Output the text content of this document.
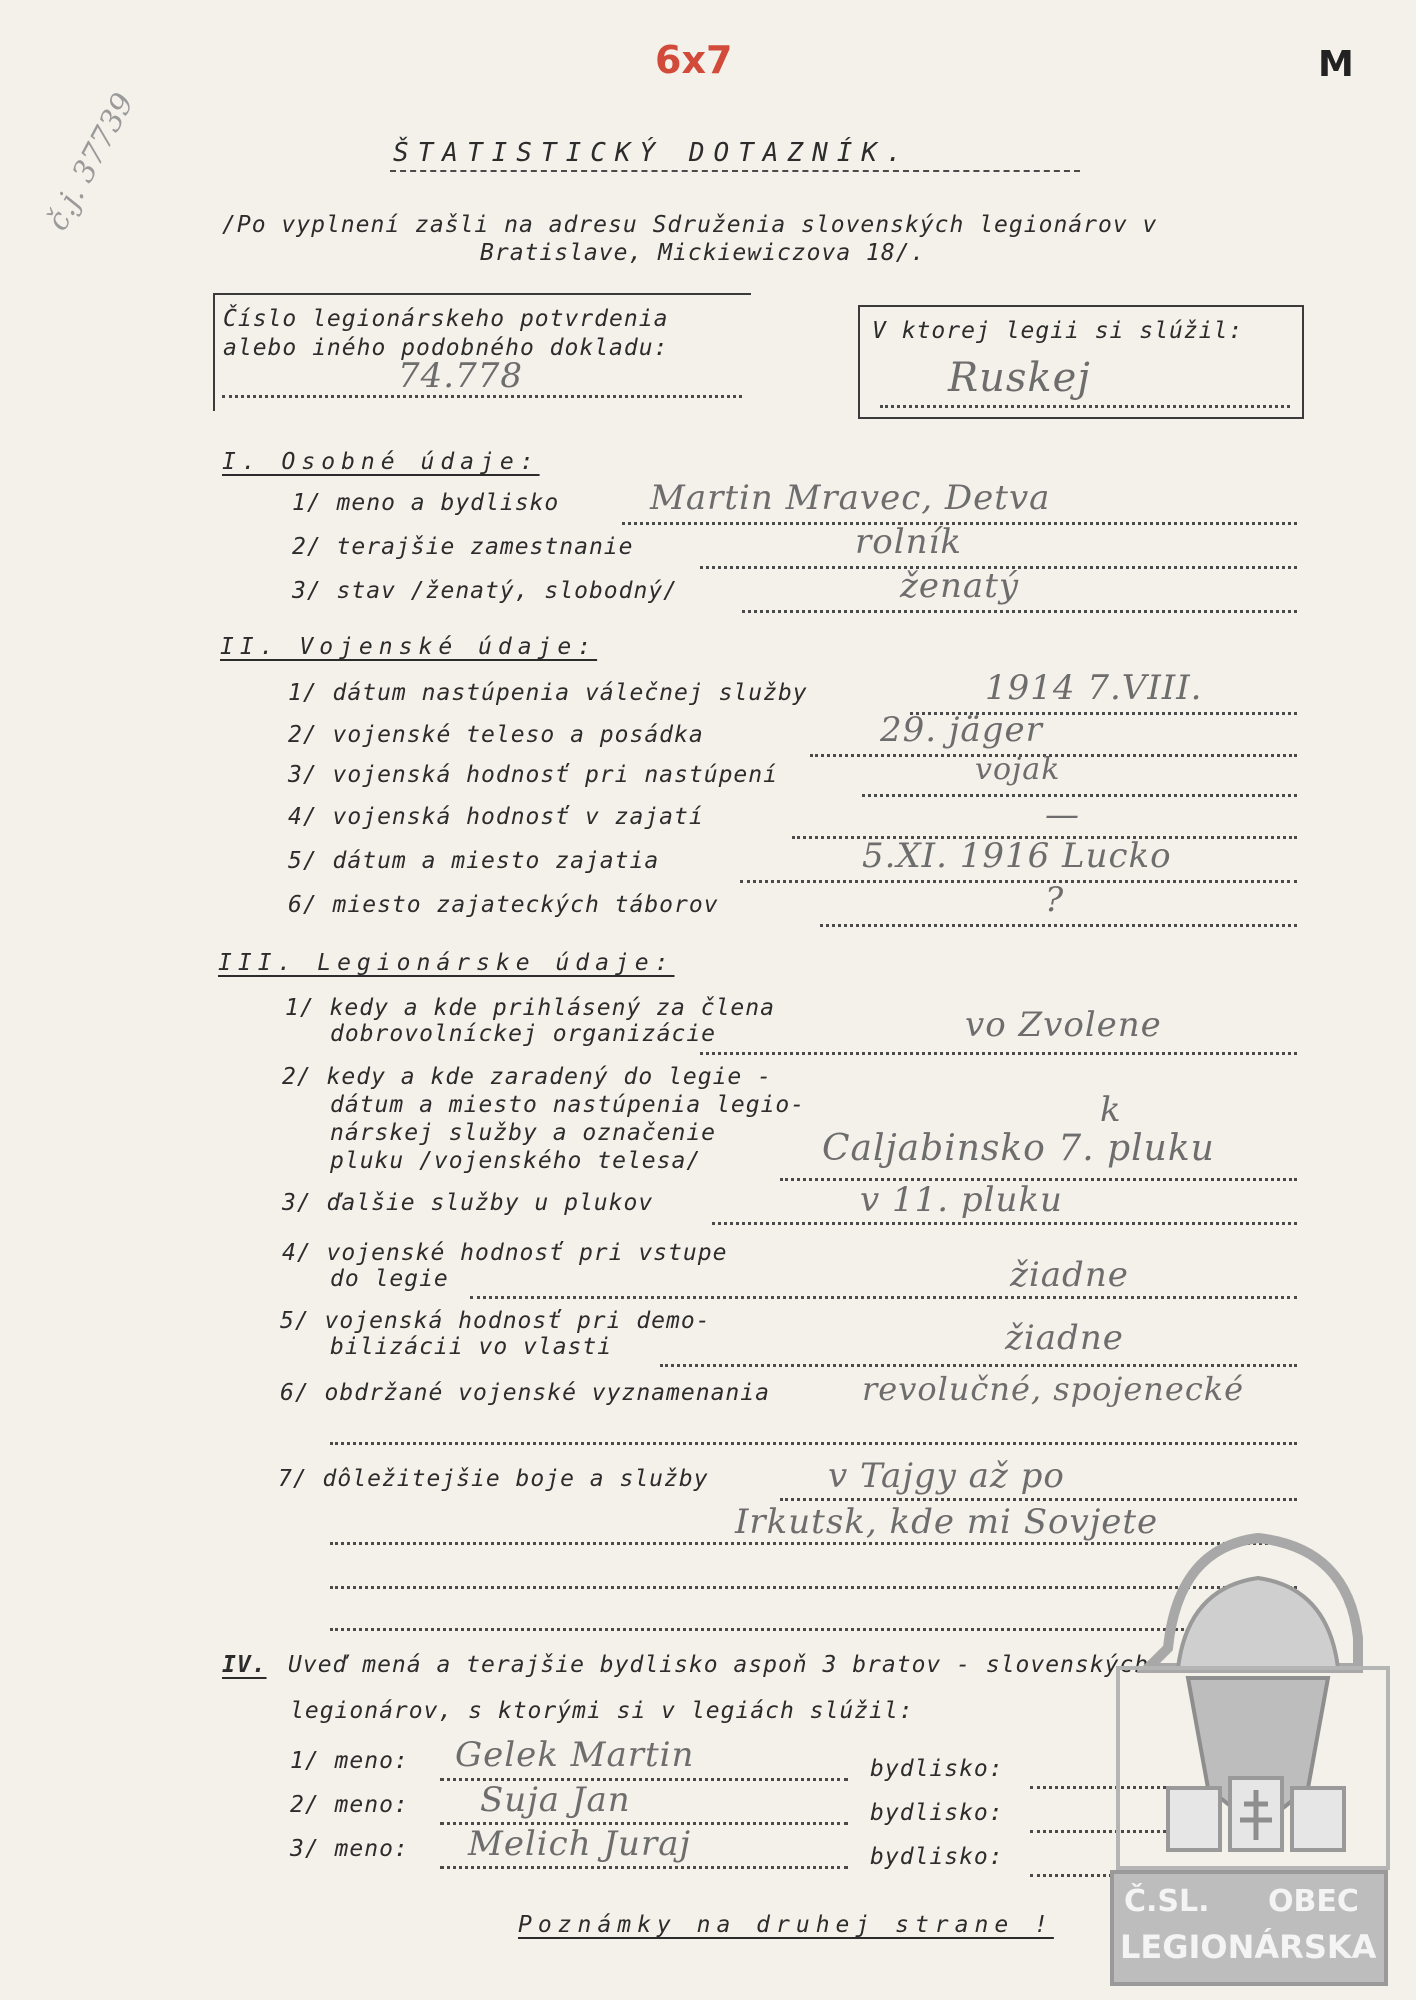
6x7	M
č.j. 37739	ŠTATISTICKÝ DOTAZNÍK.
/Po vyplnení zašli na adresu Sdruženia slovenských legionárov v
Bratislave, Mickiewiczova 18/.
Číslo legionárskeho potvrdenia
alebo iného podobného dokladu:
74.778
V ktorej legii si slúžil:
Ruskej
I. Osobné údaje:
1/ meno a bydlisko	Martin Mravec, Detva
2/ terajšie zamestnanie	rolník
3/ stav /ženatý, slobodný/	ženatý
II. Vojenské údaje:
1/ dátum nastúpenia válečnej služby	1914 7.VIII.
2/ vojenské teleso a posádka	29. jäger
3/ vojenská hodnosť pri nastúpení	vojak
4/ vojenská hodnosť v zajatí	—
5/ dátum a miesto zajatia	5.XI. 1916 Lucko
6/ miesto zajateckých táborov	?
III. Legionárske údaje:
1/ kedy a kde prihlásený za člena
dobrovolníckej organizácie	vo Zvolene
2/ kedy a kde zaradený do legie -
dátum a miesto nastúpenia legio-
nárskej služby a označenie
pluku /vojenského telesa/
k
Caljabinsko 7. pluku
3/ ďalšie služby u plukov	v 11. pluku
4/ vojenské hodnosť pri vstupe
do legie	žiadne
5/ vojenská hodnosť pri demo-
bilizácii vo vlasti	žiadne
6/ obdržané vojenské vyznamenania	revolučné, spojenecké
7/ dôležitejšie boje a služby	v Tajgy až po
Irkutsk, kde mi Sovjete
IV. Uveď mená a terajšie bydlisko aspoň 3 bratov - slovenských
legionárov, s ktorými si v legiách slúžil:
1/ meno: Gelek Martin	bydlisko:
2/ meno: Suja Jan	bydlisko:
3/ meno: Melich Juraj	bydlisko:
Poznámky na druhej strane !
Č.SL. OBEC
LEGIONÁRSKA
